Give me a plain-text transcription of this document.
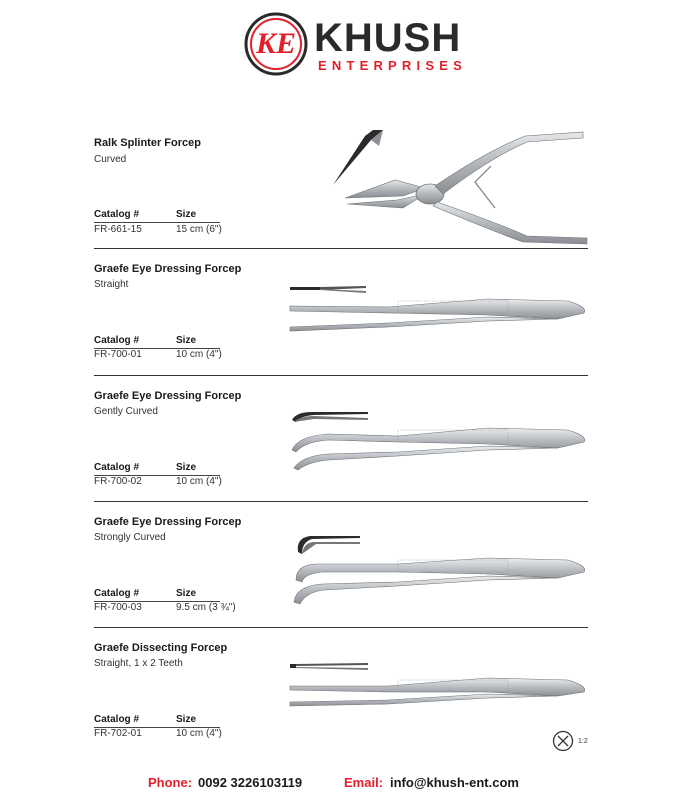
KE KHUSH
ENTERPRISES
Ralk Splinter Forcep
Curved
Catalog #	Size
FR-661-15	15 cm (6")
Graefe Eye Dressing Forcep
Straight
Catalog #	Size
FR-700-01	10 cm (4")
Graefe Eye Dressing Forcep
Gently Curved
Catalog #	Size
FR-700-02	10 cm (4")
Graefe Eye Dressing Forcep
Strongly Curved
Catalog #	Size
FR-700-03	9.5 cm (3 ¾")
Graefe Dissecting Forcep
Straight, 1 x 2 Teeth
Catalog #	Size
FR-702-01	10 cm (4")
1:2
Phone: 0092 3226103119	Email: info@khush-ent.com
